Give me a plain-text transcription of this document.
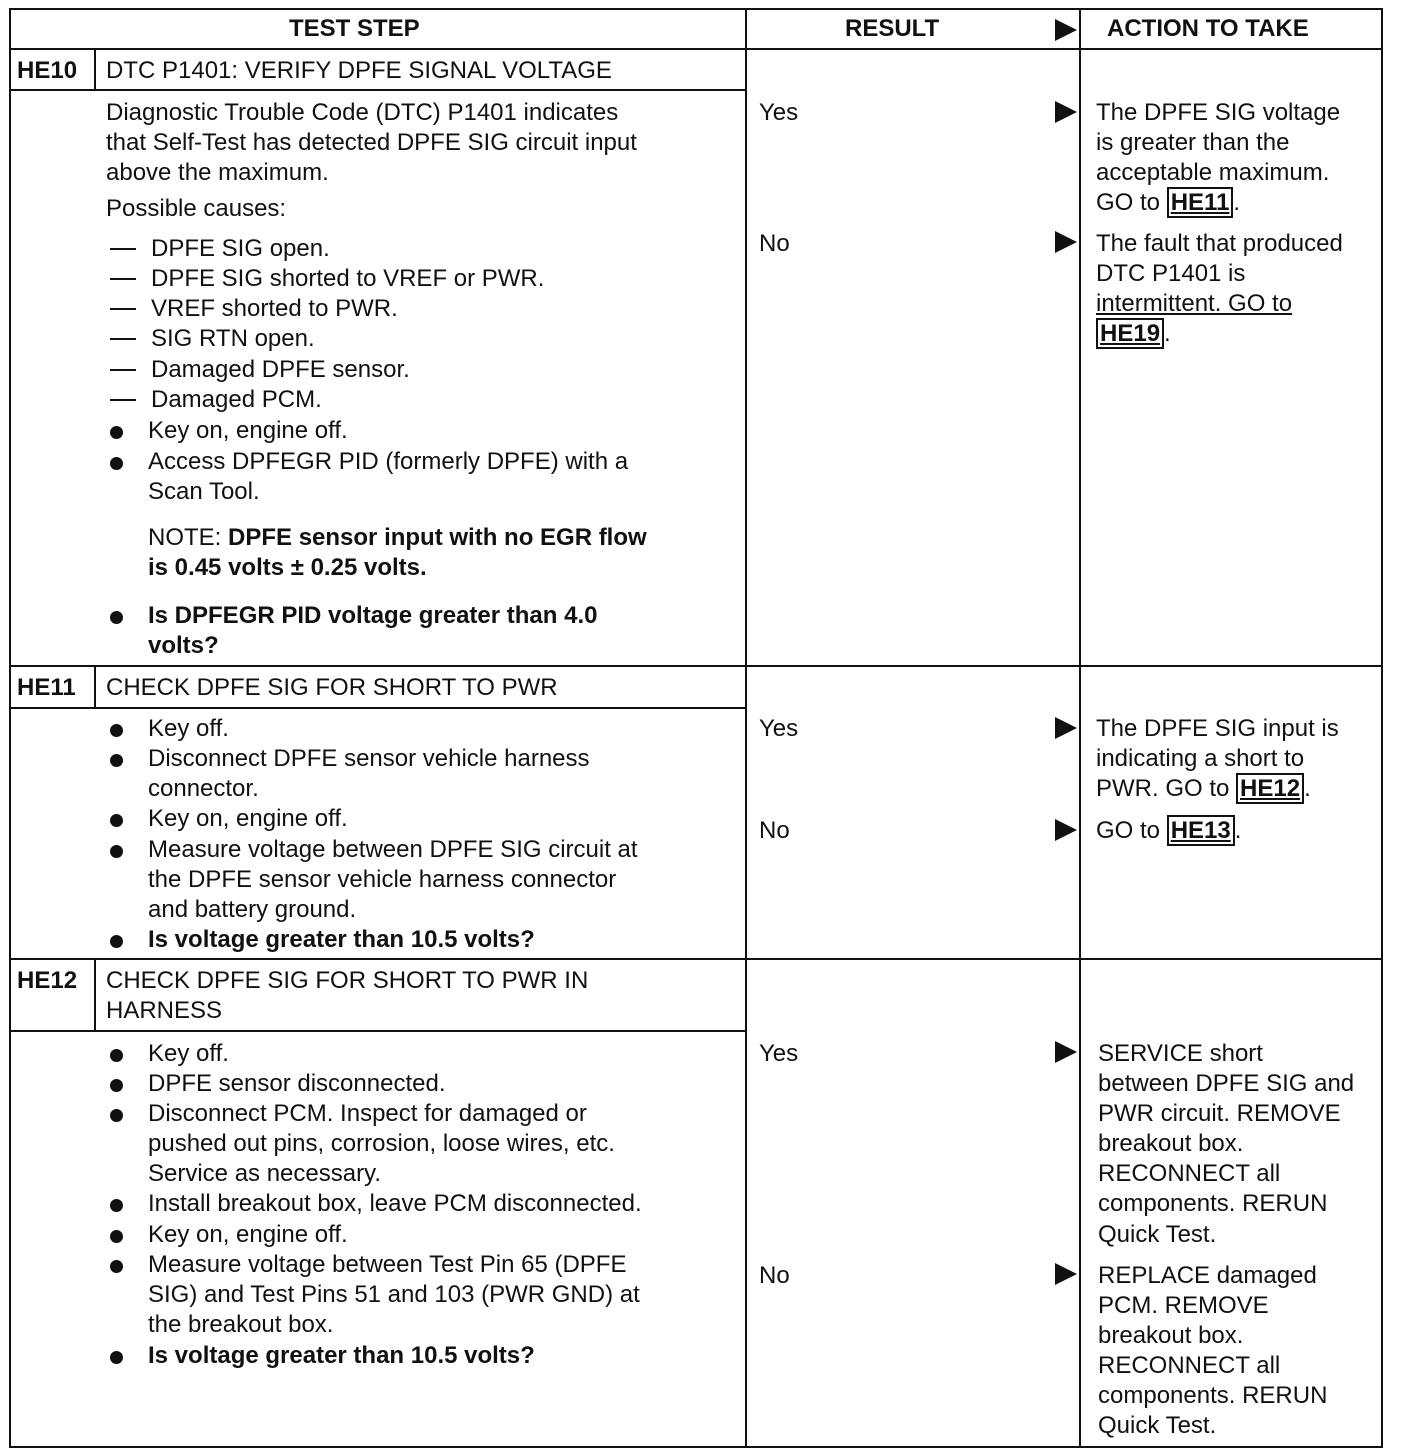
TEST STEP	RESULT	ACTION TO TAKE
HE10 DTC P1401: VERIFY DPFE SIGNAL VOLTAGE
Diagnostic Trouble Code (DTC) P1401 indicates
that Self-Test has detected DPFE SIG circuit input
above the maximum.
Possible causes:
DPFE SIG open.
DPFE SIG shorted to VREF or PWR.
VREF shorted to PWR.
SIG RTN open.
Damaged DPFE sensor.
Damaged PCM.
Key on, engine off.
Access DPFEGR PID (formerly DPFE) with a
Scan Tool.
NOTE: DPFE sensor input with no EGR flow
is 0.45 volts ± 0.25 volts.
Is DPFEGR PID voltage greater than 4.0
volts?
Yes
No
The DPFE SIG voltage
is greater than the
acceptable maximum.
GO to HE11 .
The fault that produced
DTC P1401 is
intermittent. GO to
HE19 .
HE11 CHECK DPFE SIG FOR SHORT TO PWR
Key off.
Disconnect DPFE sensor vehicle harness
connector.
Key on, engine off.
Measure voltage between DPFE SIG circuit at
the DPFE sensor vehicle harness connector
and battery ground.
Is voltage greater than 10.5 volts?
Yes
No
The DPFE SIG input is
indicating a short to
PWR. GO to HE12 .
GO to HE13 .
HE12 CHECK DPFE SIG FOR SHORT TO PWR IN
HARNESS
Key off.
DPFE sensor disconnected.
Disconnect PCM. Inspect for damaged or
pushed out pins, corrosion, loose wires, etc.
Service as necessary.
Install breakout box, leave PCM disconnected.
Key on, engine off.
Measure voltage between Test Pin 65 (DPFE
SIG) and Test Pins 51 and 103 (PWR GND) at
the breakout box.
Is voltage greater than 10.5 volts?
Yes
No
SERVICE short
between DPFE SIG and
PWR circuit. REMOVE
breakout box.
RECONNECT all
components. RERUN
Quick Test.
REPLACE damaged
PCM. REMOVE
breakout box.
RECONNECT all
components. RERUN
Quick Test.
